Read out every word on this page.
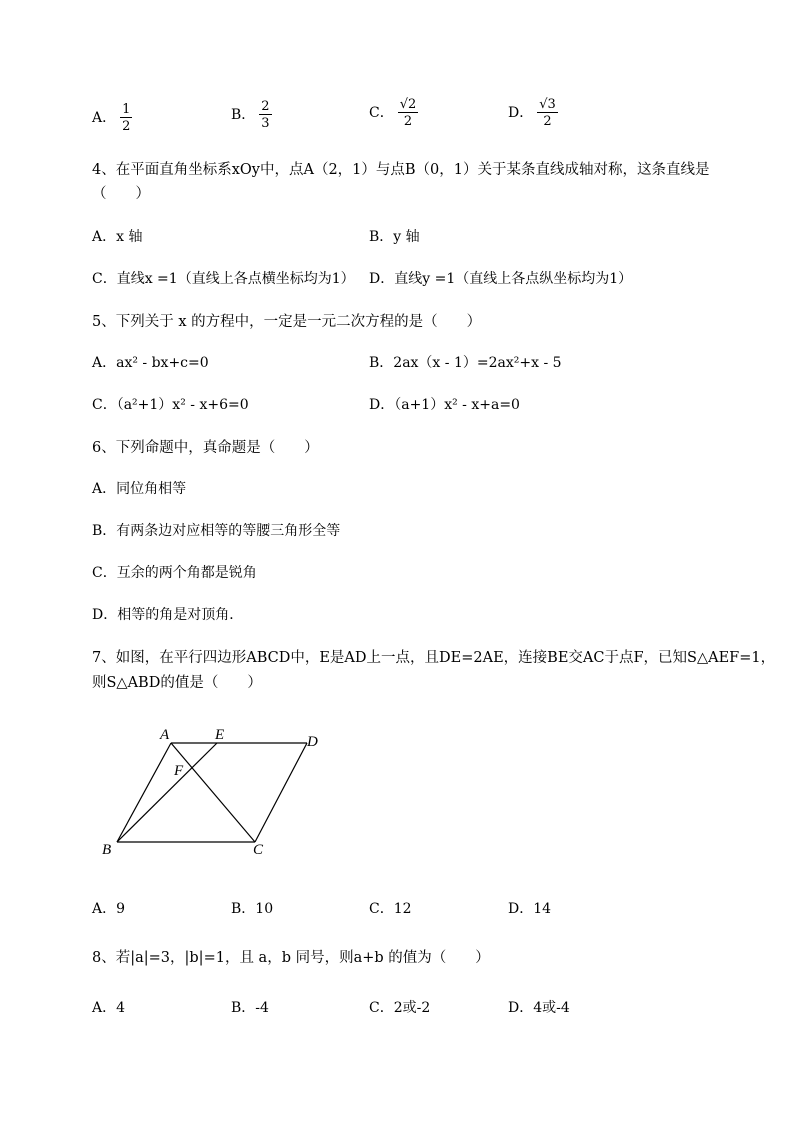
A． $\frac{1}{2}$	B． $\frac{2}{3}$	C． $\frac{√2}{2}$	D． $\frac{√3}{2}$
4、在平面直角坐标系xOy中，点A（2，1）与点B（0，1）关于某条直线成轴对称，这条直线是
（　　）
A．x 轴	B．y 轴
C．直线x =1（直线上各点横坐标均为1） D．直线y =1（直线上各点纵坐标均为1）
5、下列关于 x 的方程中，一定是一元二次方程的是（　　）
A．ax² - bx+c=0	B．2ax（x - 1）=2ax²+x - 5
C．（a²+1）x² - x+6=0	D．（a+1）x² - x+a=0
6、下列命题中，真命题是（　　）
A．同位角相等
B．有两条边对应相等的等腰三角形全等
C．互余的两个角都是锐角
D．相等的角是对顶角．
7、如图，在平行四边形ABCD中，E是AD上一点，且DE=2AE，连接BE交AC于点F，已知S△AEF=1，
则S△ABD的值是（　　）
A	E	D
F
B	C
A．9	B．10	C．12	D．14
8、若|a|=3，|b|=1，且 a，b 同号，则a+b 的值为（　　）
A．4	B．-4	C．2或-2	D．4或-4
